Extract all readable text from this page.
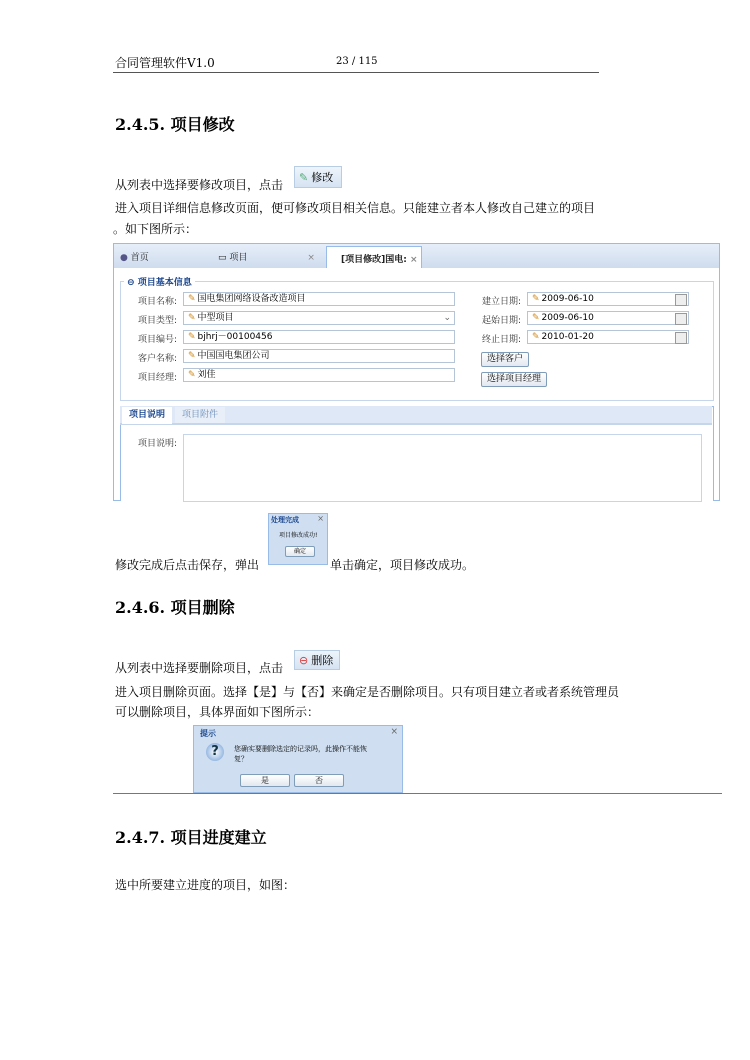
合同管理软件V1.0	23 / 115
2.4.5. 项目修改
从列表中选择要修改项目，点击
✎ 修改
进入项目详细信息修改页面，便可修改项目相关信息。只能建立者本人修改自己建立的项目
。如下图所示：
● 首页	▭ 项目	×	[项目修改]国电: ×
⊖ 项目基本信息
项目名称:	✎ 国电集团网络设备改造项目
项目类型:	✎ 中型项目	⌄
项目编号:	✎ bjhrj－00100456
客户名称:	✎ 中国国电集团公司
项目经理:	✎ 刘佳
建立日期:	✎ 2009-06-10
起始日期:	✎ 2009-06-10
终止日期:	✎ 2010-01-20
选择客户
选择项目经理
项目说明	项目附件
项目说明:
处理完成 ×
项目修改成功!
确定
修改完成后点击保存，弹出	单击确定，项目修改成功。
2.4.6. 项目删除
从列表中选择要删除项目，点击
⊖ 删除
进入项目删除页面。选择【是】与【否】来确定是否删除项目。只有项目建立者或者系统管理员
可以删除项目，具体界面如下图所示：
提示	×
?	您确实要删除选定的记录吗，此操作不能恢
复？
是	否
2.4.7. 项目进度建立
选中所要建立进度的项目，如图：
